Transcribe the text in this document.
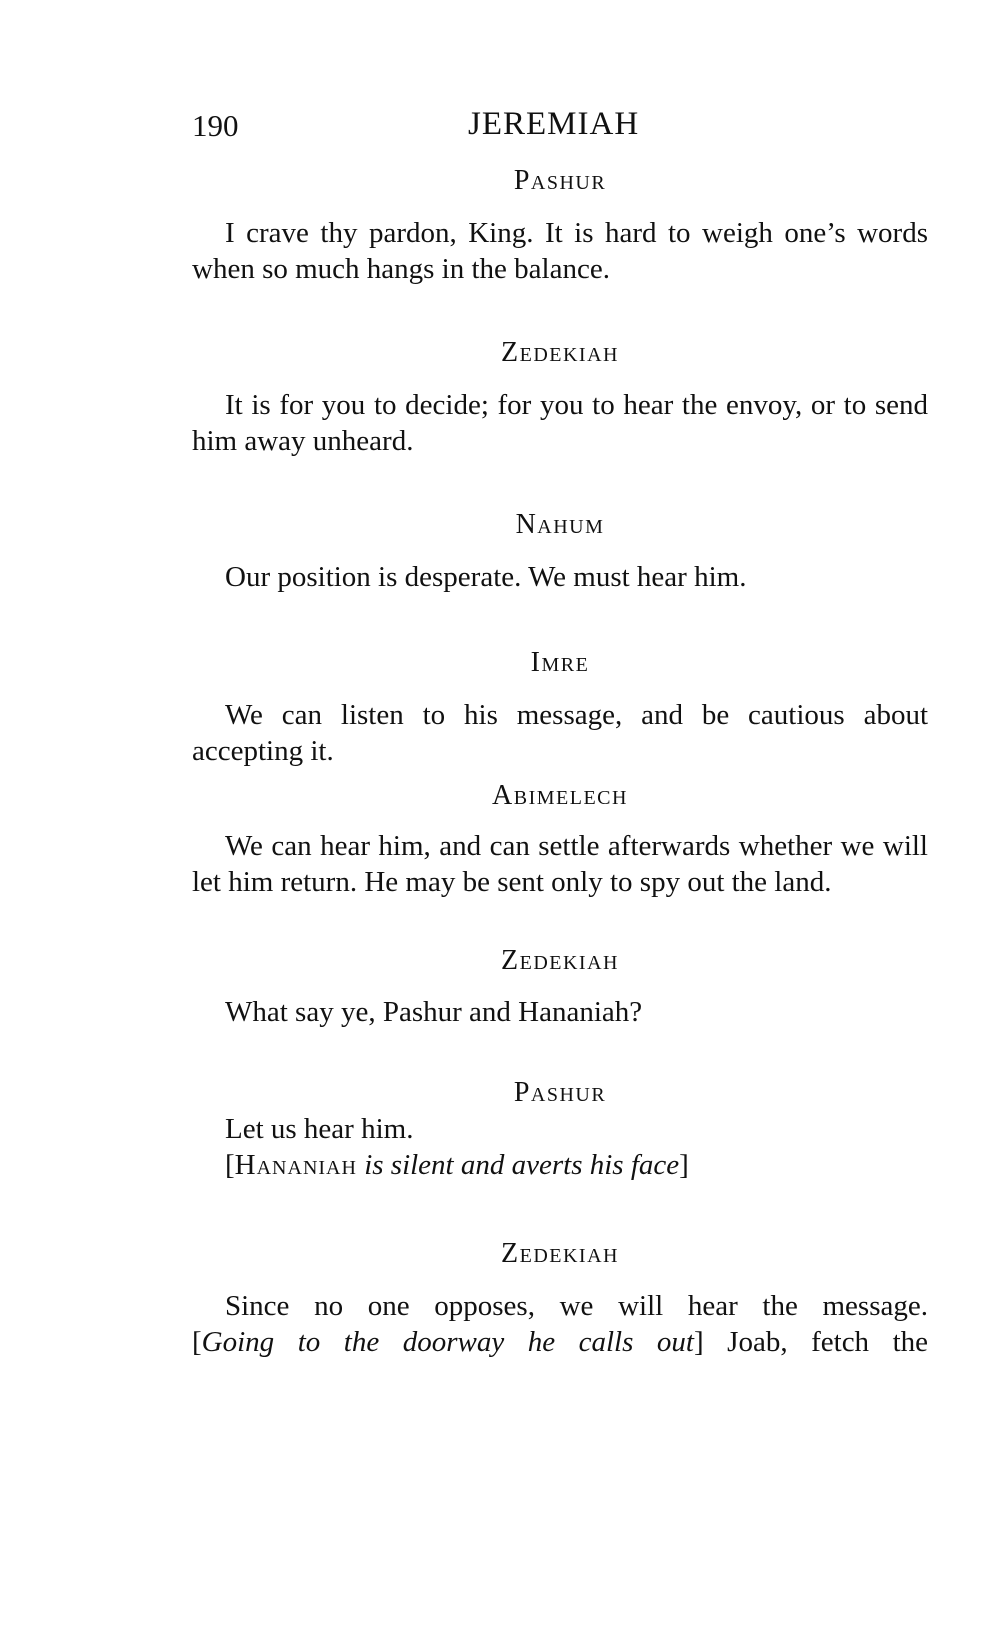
190	JEREMIAH
Pashur

I crave thy pardon, King. It is hard to weigh one’s words when so much hangs in the balance.

Zedekiah

It is for you to decide; for you to hear the envoy, or to send him away unheard.

Nahum

Our position is desperate. We must hear him.

Imre

We can listen to his message, and be cautious about accepting it.

Abimelech

We can hear him, and can settle afterwards whether we will let him return. He may be sent only to spy out the land.

Zedekiah

What say ye, Pashur and Hananiah?

Pashur

Let us hear him.

[Hananiah is silent and averts his face]
Zedekiah

Since no one opposes, we will hear the message.
[Going to the doorway he calls out] Joab, fetch the
